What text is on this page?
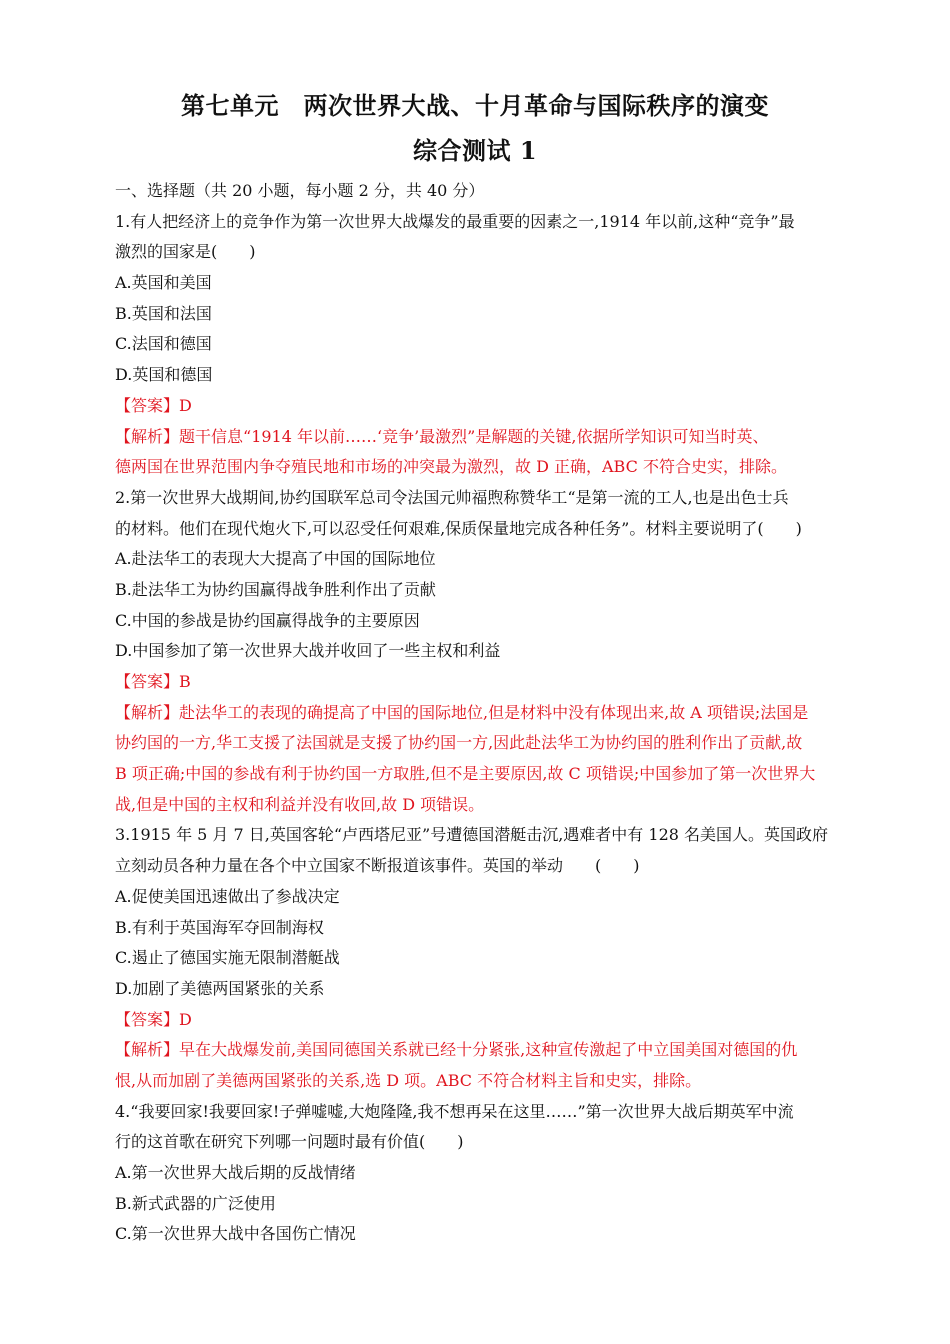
第七单元　两次世界大战、十月革命与国际秩序的演变
综合测试 1
一、选择题（共 20 小题，每小题 2 分，共 40 分）
1.有人把经济上的竞争作为第一次世界大战爆发的最重要的因素之一,1914 年以前,这种“竞争”最
激烈的国家是(　　)
A.英国和美国
B.英国和法国
C.法国和德国
D.英国和德国
【答案】D
【解析】题干信息“1914 年以前……‘竞争’最激烈”是解题的关键,依据所学知识可知当时英、
德两国在世界范围内争夺殖民地和市场的冲突最为激烈，故 D 正确，ABC 不符合史实，排除。
2.第一次世界大战期间,协约国联军总司令法国元帅福煦称赞华工“是第一流的工人,也是出色士兵
的材料。他们在现代炮火下,可以忍受任何艰难,保质保量地完成各种任务”。材料主要说明了(　　)
A.赴法华工的表现大大提高了中国的国际地位
B.赴法华工为协约国赢得战争胜利作出了贡献
C.中国的参战是协约国赢得战争的主要原因
D.中国参加了第一次世界大战并收回了一些主权和利益
【答案】B
【解析】赴法华工的表现的确提高了中国的国际地位,但是材料中没有体现出来,故 A 项错误;法国是
协约国的一方,华工支援了法国就是支援了协约国一方,因此赴法华工为协约国的胜利作出了贡献,故
B 项正确;中国的参战有利于协约国一方取胜,但不是主要原因,故 C 项错误;中国参加了第一次世界大
战,但是中国的主权和利益并没有收回,故 D 项错误。
3.1915 年 5 月 7 日,英国客轮“卢西塔尼亚”号遭德国潜艇击沉,遇难者中有 128 名美国人。英国政府
立刻动员各种力量在各个中立国家不断报道该事件。英国的举动　　(　　)
A.促使美国迅速做出了参战决定
B.有利于英国海军夺回制海权
C.遏止了德国实施无限制潜艇战
D.加剧了美德两国紧张的关系
【答案】D
【解析】早在大战爆发前,美国同德国关系就已经十分紧张,这种宣传激起了中立国美国对德国的仇
恨,从而加剧了美德两国紧张的关系,选 D 项。ABC 不符合材料主旨和史实，排除。
4.“我要回家!我要回家!子弹嘘嘘,大炮隆隆,我不想再呆在这里……”第一次世界大战后期英军中流
行的这首歌在研究下列哪一问题时最有价值(　　)
A.第一次世界大战后期的反战情绪
B.新式武器的广泛使用
C.第一次世界大战中各国伤亡情况
